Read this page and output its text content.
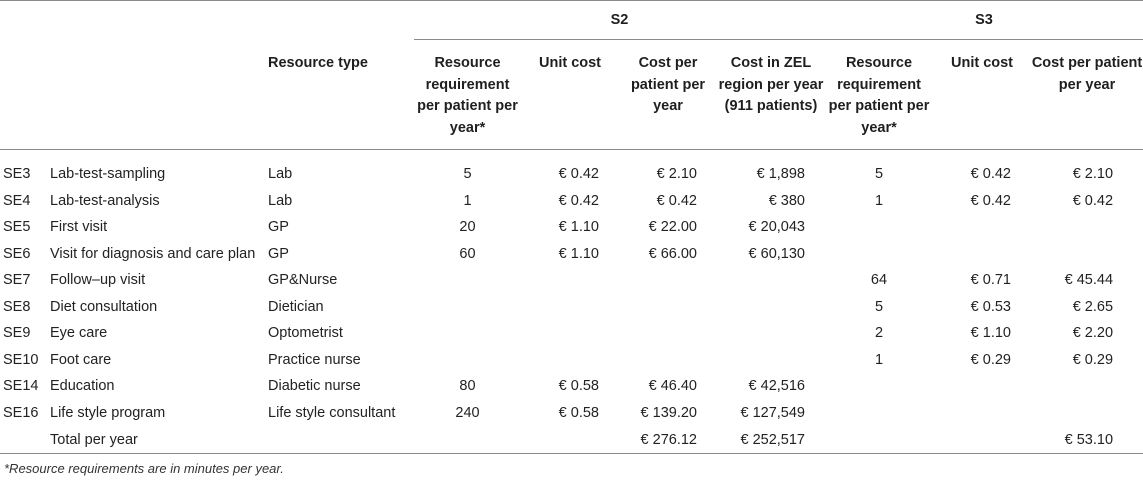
			S2				S3		
		Resource type	Resource requirement per patient per year*	Unit cost	Cost per patient per year	Cost in ZEL region per year (911 patients)	Resource requirement per patient per year*	Unit cost	Cost per patient per year
SE3	Lab-test-sampling	Lab	5	€ 0.42	€ 2.10	€ 1,898	5	€ 0.42	€ 2.10
SE4	Lab-test-analysis	Lab	1	€ 0.42	€ 0.42	€ 380	1	€ 0.42	€ 0.42
SE5	First visit	GP	20	€ 1.10	€ 22.00	€ 20,043			
SE6	Visit for diagnosis and care plan	GP	60	€ 1.10	€ 66.00	€ 60,130			
SE7	Follow–up visit	GP&Nurse					64	€ 0.71	€ 45.44
SE8	Diet consultation	Dietician					5	€ 0.53	€ 2.65
SE9	Eye care	Optometrist					2	€ 1.10	€ 2.20
SE10	Foot care	Practice nurse					1	€ 0.29	€ 0.29
SE14	Education	Diabetic nurse	80	€ 0.58	€ 46.40	€ 42,516			
SE16	Life style program	Life style consultant	240	€ 0.58	€ 139.20	€ 127,549			
	Total per year				€ 276.12	€ 252,517			€ 53.10
*Resource requirements are in minutes per year.
